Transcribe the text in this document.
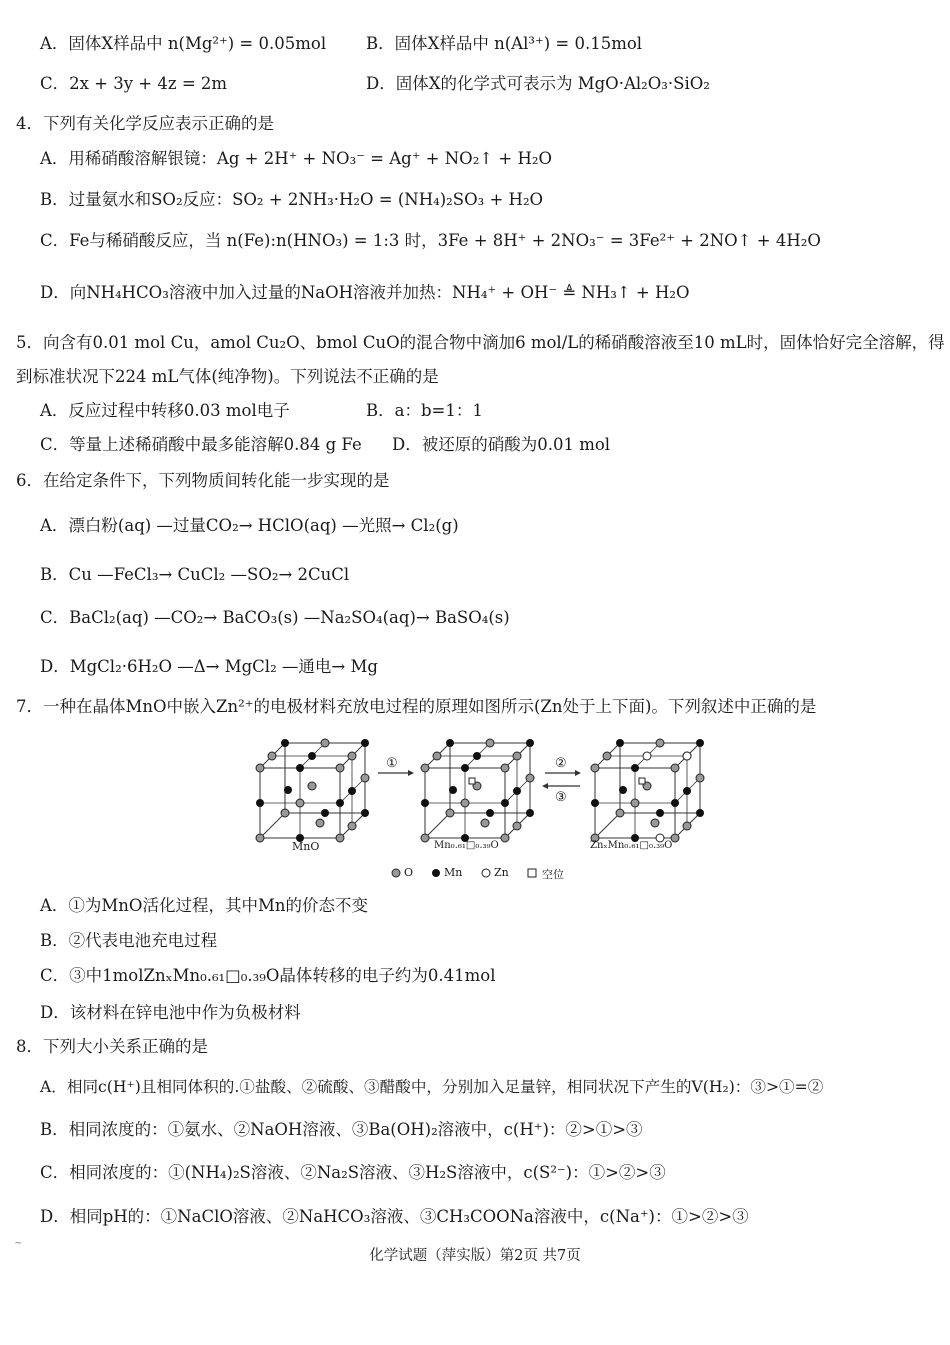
A．固体X样品中 n(Mg²⁺) = 0.05mol B．固体X样品中 n(Al³⁺) = 0.15mol
C．2x + 3y + 4z = 2m	D．固体X的化学式可表示为 MgO·Al₂O₃·SiO₂
4．下列有关化学反应表示正确的是
A．用稀硝酸溶解银镜：Ag + 2H⁺ + NO₃⁻ = Ag⁺ + NO₂↑ + H₂O
B．过量氨水和SO₂反应：SO₂ + 2NH₃·H₂O = (NH₄)₂SO₃ + H₂O
C．Fe与稀硝酸反应，当 n(Fe):n(HNO₃) = 1:3 时，3Fe + 8H⁺ + 2NO₃⁻ = 3Fe²⁺ + 2NO↑ + 4H₂O
D．向NH₄HCO₃溶液中加入过量的NaOH溶液并加热：NH₄⁺ + OH⁻ ≜ NH₃↑ + H₂O
5．向含有0.01 mol Cu，amol Cu₂O、bmol CuO的混合物中滴加6 mol/L的稀硝酸溶液至10 mL时，固体恰好完全溶解，得
到标准状况下224 mL气体(纯净物)。下列说法不正确的是
A．反应过程中转移0.03 mol电子	B．a：b=1：1
C．等量上述稀硝酸中最多能溶解0.84 g Fe D．被还原的硝酸为0.01 mol
6．在给定条件下，下列物质间转化能一步实现的是
A．漂白粉(aq) —过量CO₂→ HClO(aq) —光照→ Cl₂(g)
B．Cu —FeCl₃→ CuCl₂ —SO₂→ 2CuCl
C．BaCl₂(aq) —CO₂→ BaCO₃(s) —Na₂SO₄(aq)→ BaSO₄(s)
D．MgCl₂·6H₂O —Δ→ MgCl₂ —通电→ Mg
7．一种在晶体MnO中嵌入Zn²⁺的电极材料充放电过程的原理如图所示(Zn处于上下面)。下列叙述中正确的是
①	②
③
MnO	Mn₀.₆₁□₀.₃₉O	ZnₓMn₀.₆₁□₀.₃₉O
O	Mn	Zn	空位
A．①为MnO活化过程，其中Mn的价态不变
B．②代表电池充电过程
C．③中1molZnₓMn₀.₆₁□₀.₃₉O晶体转移的电子约为0.41mol
D．该材料在锌电池中作为负极材料
8．下列大小关系正确的是
A．相同c(H⁺)且相同体积的.①盐酸、②硫酸、③醋酸中，分别加入足量锌，相同状况下产生的V(H₂)：③>①=②
B．相同浓度的：①氨水、②NaOH溶液、③Ba(OH)₂溶液中，c(H⁺)：②>①>③
C．相同浓度的：①(NH₄)₂S溶液、②Na₂S溶液、③H₂S溶液中，c(S²⁻)：①>②>③
D．相同pH的：①NaClO溶液、②NaHCO₃溶液、③CH₃COONa溶液中，c(Na⁺)：①>②>③
~
化学试题（萍实版）第2页 共7页
